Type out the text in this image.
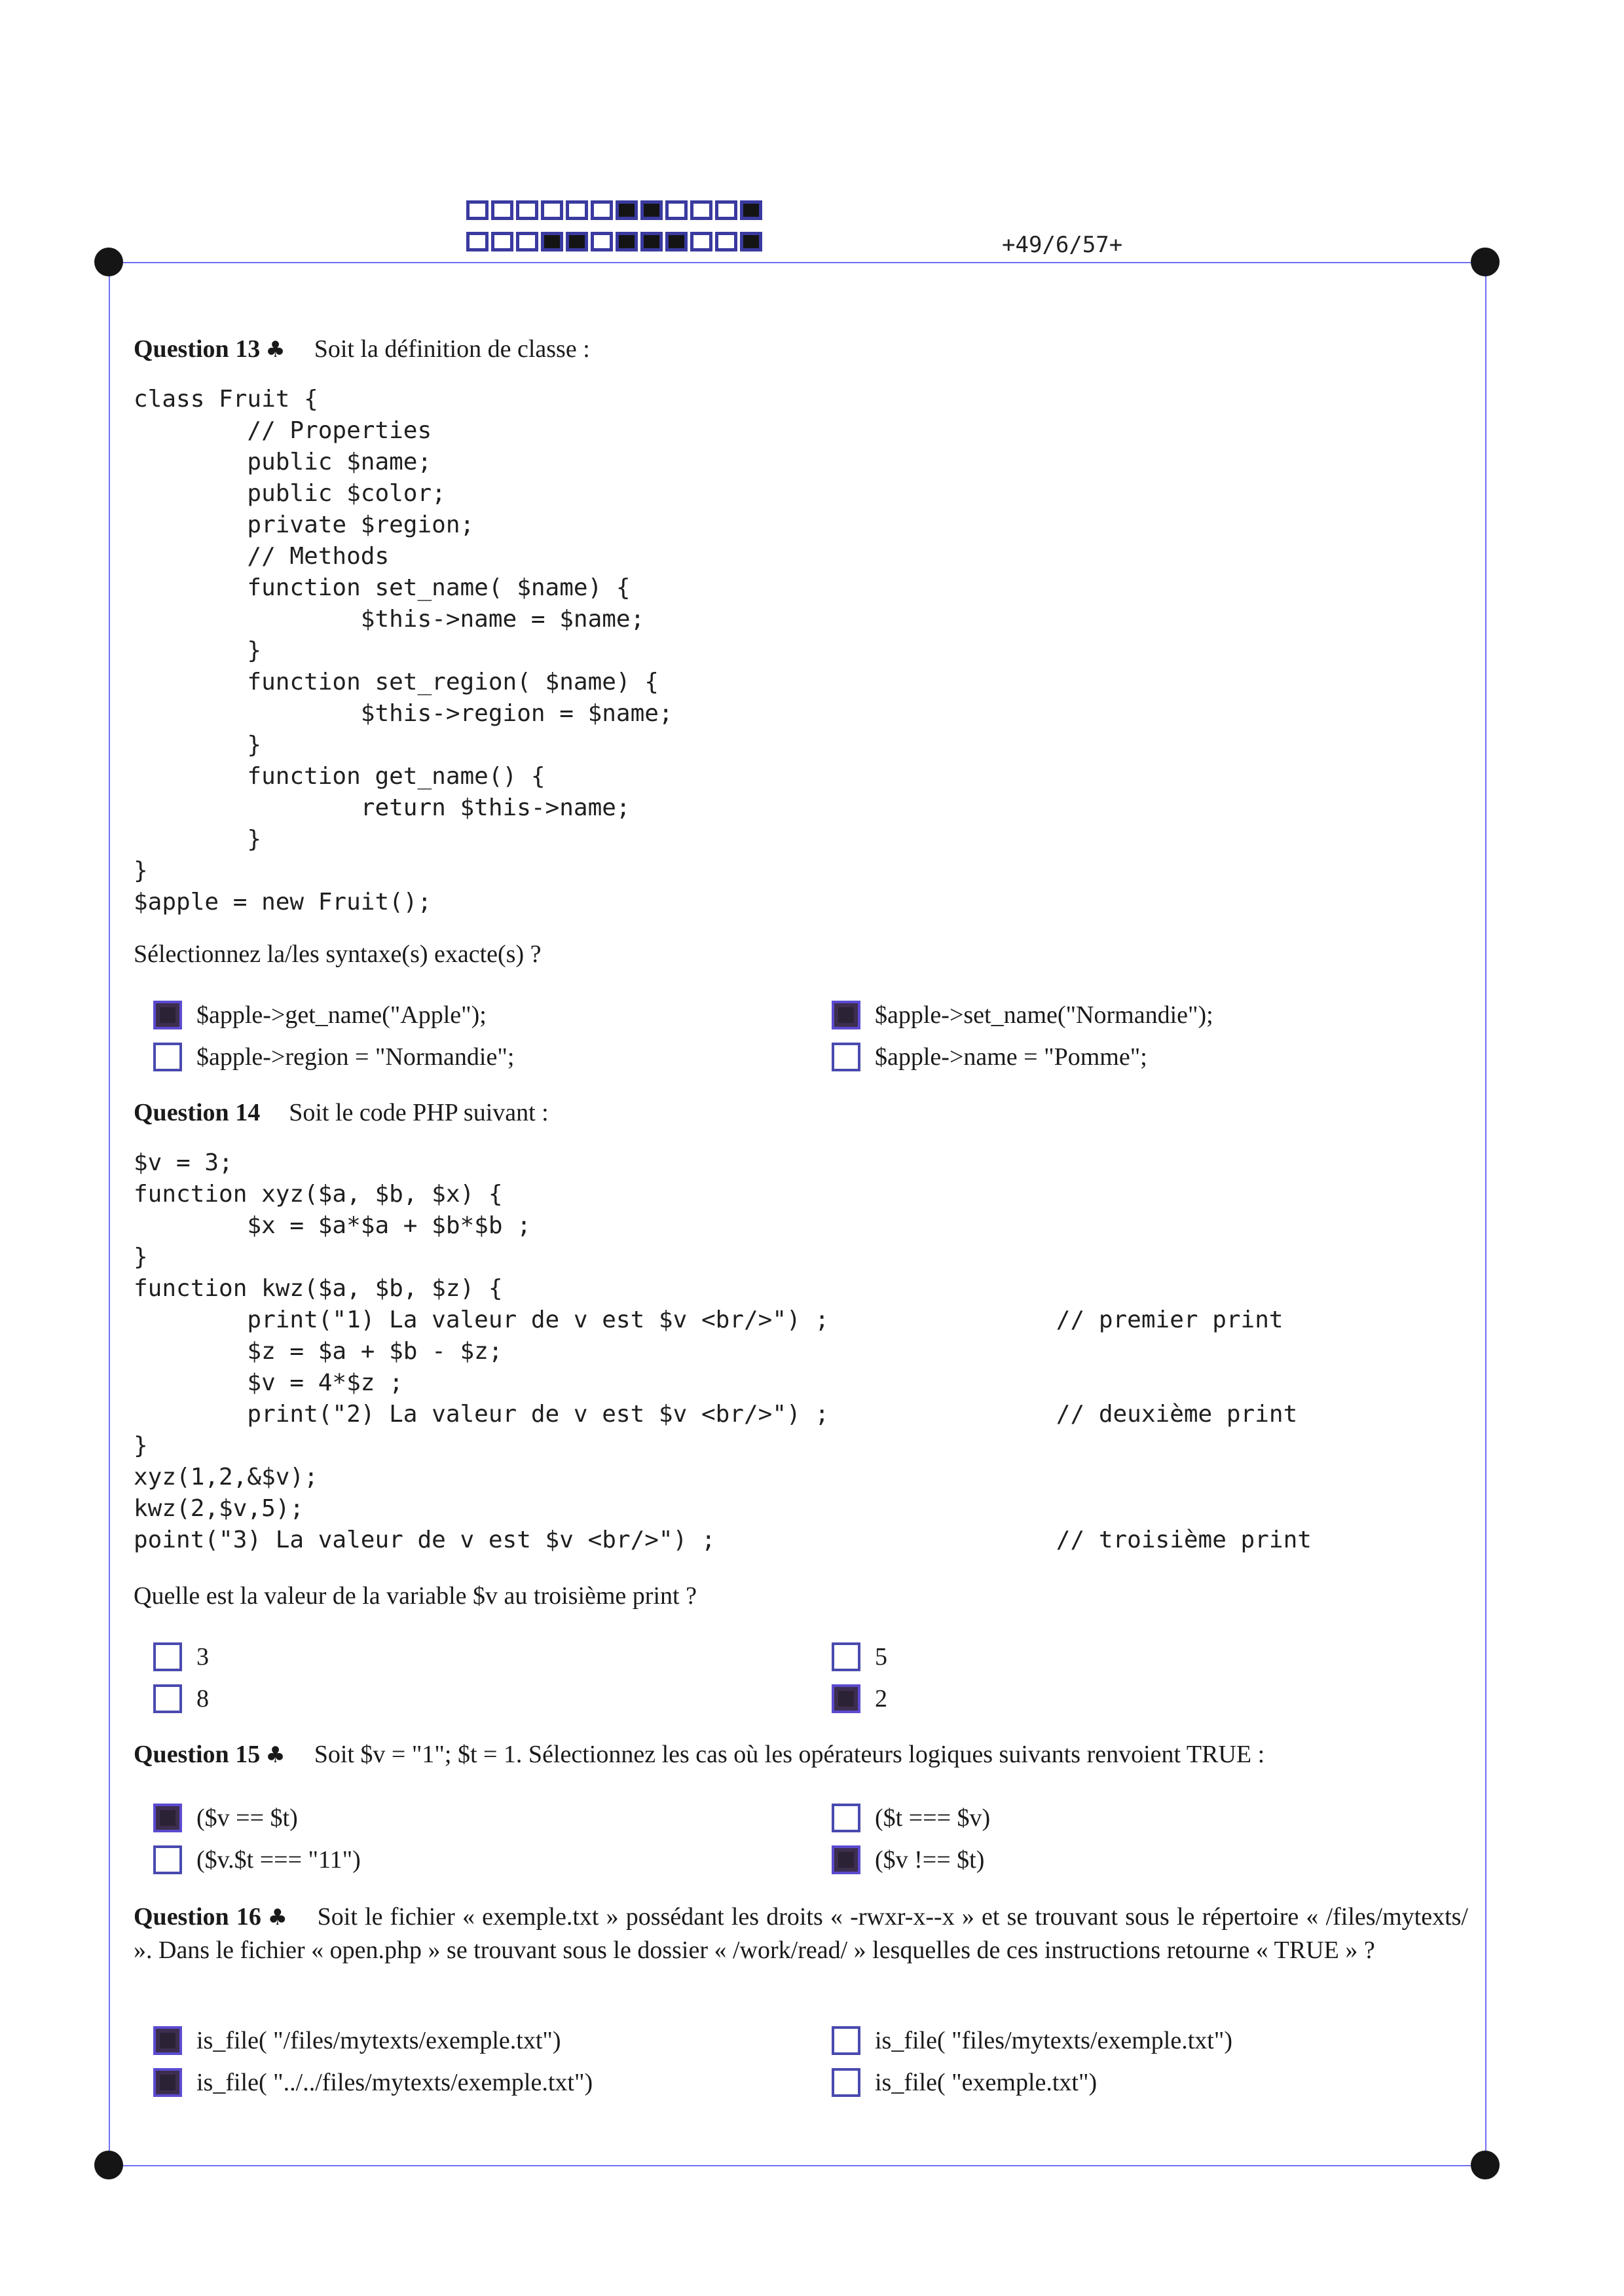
+49/6/57+
Question 13 ♣ Soit la définition de classe :
class Fruit {
// Properties
public $name;
public $color;
private $region;
// Methods
function set_name( $name) {
$this->name = $name;
}
function set_region( $name) {
$this->region = $name;
}
function get_name() {
return $this->name;
}
}
$apple = new Fruit();
Sélectionnez la/les syntaxe(s) exacte(s) ?
$apple->get_name("Apple");	$apple->set_name("Normandie");
$apple->region = "Normandie";	$apple->name = "Pomme";
Question 14 Soit le code PHP suivant :
$v = 3;
function xyz($a, $b, $x) {
$x = $a*$a + $b*$b ;
}
function kwz($a, $b, $z) {
print("1) La valeur de v est $v <br/>") ;                // premier print
$z = $a + $b - $z;
$v = 4*$z ;
print("2) La valeur de v est $v <br/>") ;                // deuxième print
}
xyz(1,2,&$v);
kwz(2,$v,5);
point("3) La valeur de v est $v <br/>") ;                        // troisième print
Quelle est la valeur de la variable $v au troisième print ?
3	5
8	2
Question 15 ♣ Soit $v = "1"; $t = 1. Sélectionnez les cas où les opérateurs logiques suivants renvoient TRUE :
($v == $t)	($t === $v)
($v.$t === "11")	($v !== $t)
Question 16 ♣ Soit le fichier « exemple.txt » possédant les droits « -rwxr-x--x » et se trouvant sous le répertoire « /files/mytexts/ ». Dans le fichier « open.php » se trouvant sous le dossier « /work/read/ » lesquelles de ces instructions retourne « TRUE » ?
is_file( "/files/mytexts/exemple.txt")	is_file( "files/mytexts/exemple.txt")
is_file( "../../files/mytexts/exemple.txt")	is_file( "exemple.txt")
